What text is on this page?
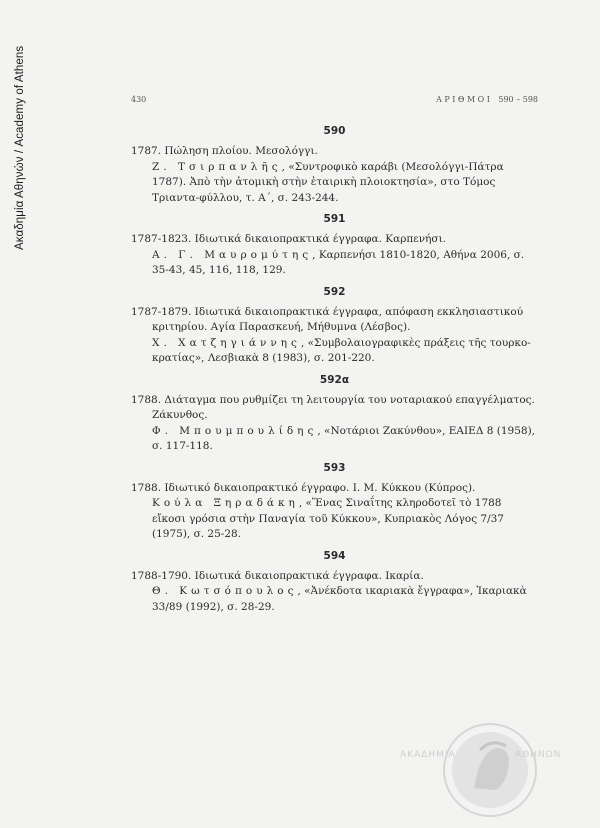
Ακαδημία Αθηνών / Academy of Athens	430	ΑΡΙΘΜΟΙ 590 – 598
590
1787. Πώληση πλοίου. Μεσολόγγι.
Ζ. Τσιρπανλῆς, «Συντροφικὸ καράβι (Μεσολόγγι-Πάτρα 1787). Ἀπὸ τὴν ἀτομικὴ στὴν ἑταιρικὴ πλοιοκτησία», στο Τόμος Τριαντα-φύλλου, τ. Α΄, σ. 243-244.
591
1787-1823. Ιδιωτικά δικαιοπρακτικά έγγραφα. Καρπενήσι.
Α. Γ. Μαυρομύτης, Καρπενήσι 1810-1820, Αθήνα 2006, σ. 35-43, 45, 116, 118, 129.
592
1787-1879. Ιδιωτικά δικαιοπρακτικά έγγραφα, απόφαση εκκλησιαστικού κριτηρίου. Αγία Παρασκευή, Μήθυμνα (Λέσβος).
Χ. Χατζηγιάννης, «Συμβολαιογραφικὲς πράξεις τῆς τουρκο-κρατίας», Λεσβιακὰ 8 (1983), σ. 201-220.
592α
1788. Διάταγμα που ρυθμίζει τη λειτουργία του νοταριακού επαγγέλματος. Ζάκυνθος.
Φ. Μπουμπουλίδης, «Νοτάριοι Ζακύνθου», ΕΑΙΕΔ 8 (1958), σ. 117-118.
593
1788. Ιδιωτικό δικαιοπρακτικό έγγραφο. Ι. Μ. Κύκκου (Κύπρος).
Κούλα Ξηραδάκη, «Ἕνας Σιναΐτης κληροδοτεῖ τὸ 1788 εἴκοσι γρόσια στὴν Παναγία τοῦ Κύκκου», Κυπριακὸς Λόγος 7/37 (1975), σ. 25-28.
594
1788-1790. Ιδιωτικά δικαιοπρακτικά έγγραφα. Ικαρία.
Θ. Κωτσόπουλος, «Ἀνέκδοτα ικαριακὰ ἔγγραφα», Ἰκαριακὰ 33/89 (1992), σ. 28-29.
ΑΚΑΔΗΜΙΑ	ΑΘΗΝΩΝ
